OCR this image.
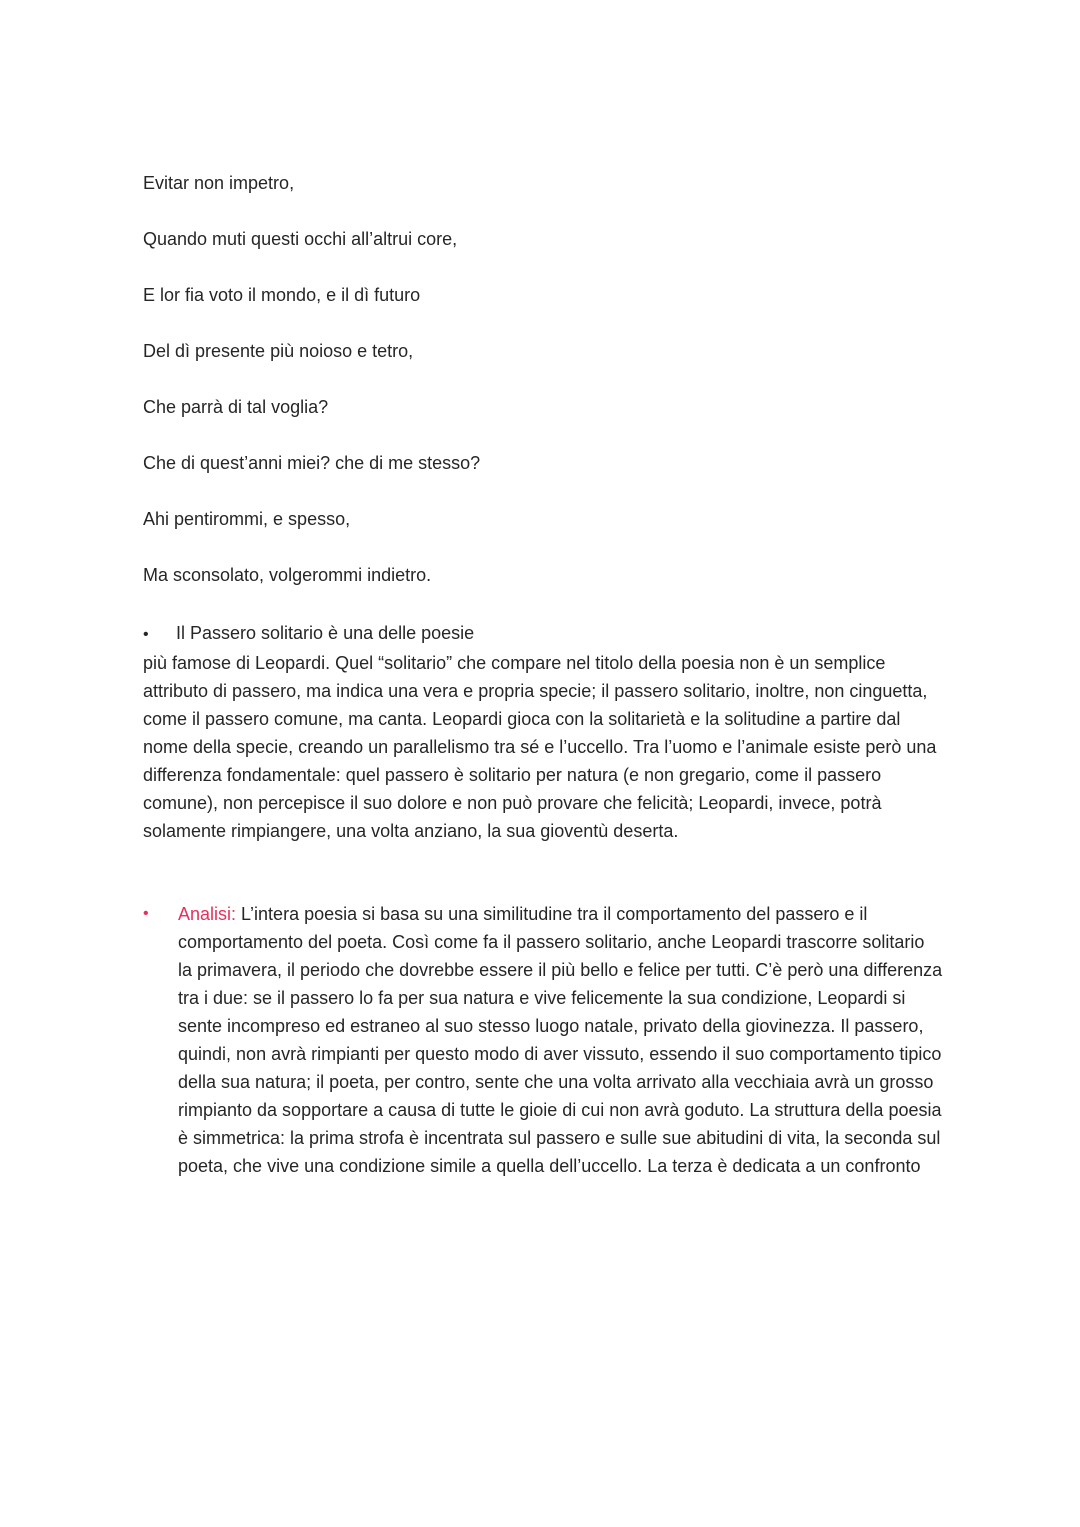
Evitar non impetro,

Quando muti questi occhi all’altrui core,

E lor fia voto il mondo, e il dì futuro

Del dì presente più noioso e tetro,

Che parrà di tal voglia?

Che di quest’anni miei? che di me stesso?

Ahi pentirommi, e spesso,

Ma sconsolato, volgerommi indietro.

• Il Passero solitario è una delle poesie
più famose di Leopardi. Quel “solitario” che compare nel titolo della poesia non è un semplice attributo di passero, ma indica una vera e propria specie; il passero solitario, inoltre, non cinguetta, come il passero comune, ma canta. Leopardi gioca con la solitarietà e la solitudine a partire dal nome della specie, creando un parallelismo tra sé e l’uccello. Tra l’uomo e l’animale esiste però una differenza fondamentale: quel passero è solitario per natura (e non gregario, come il passero comune), non percepisce il suo dolore e non può provare che felicità; Leopardi, invece, potrà solamente rimpiangere, una volta anziano, la sua gioventù deserta.
• Analisi: L’intera poesia si basa su una similitudine tra il comportamento del passero e il comportamento del poeta. Così come fa il passero solitario, anche Leopardi trascorre solitario la primavera, il periodo che dovrebbe essere il più bello e felice per tutti. C’è però una differenza tra i due: se il passero lo fa per sua natura e vive felicemente la sua condizione, Leopardi si sente incompreso ed estraneo al suo stesso luogo natale, privato della giovinezza. Il passero, quindi, non avrà rimpianti per questo modo di aver vissuto, essendo il suo comportamento tipico della sua natura; il poeta, per contro, sente che una volta arrivato alla vecchiaia avrà un grosso rimpianto da sopportare a causa di tutte le gioie di cui non avrà goduto. La struttura della poesia è simmetrica: la prima strofa è incentrata sul passero e sulle sue abitudini di vita, la seconda sul poeta, che vive una condizione simile a quella dell’uccello. La terza è dedicata a un confronto
